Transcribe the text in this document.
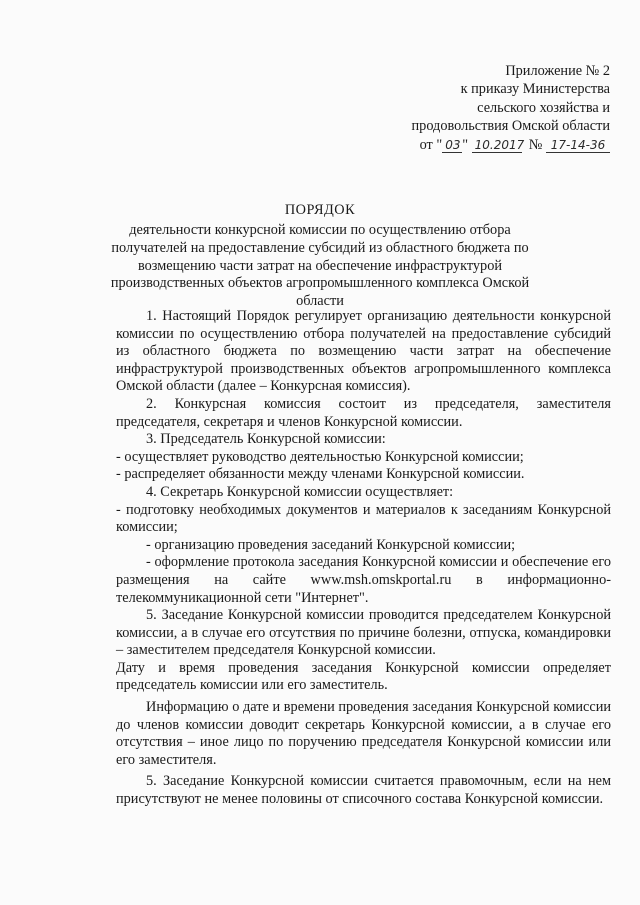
Приложение № 2
к приказу Министерства
сельского хозяйства и
продовольствия Омской области
от " 03 " 10.2017 № 17-14-36
ПОРЯДОК
деятельности конкурсной комиссии по осуществлению отбора получателей на предоставление субсидий из областного бюджета по возмещению части затрат на обеспечение инфраструктурой производственных объектов агропромышленного комплекса Омской области

1. Настоящий Порядок регулирует организацию деятельности конкурсной комиссии по осуществлению отбора получателей на предоставление субсидий из областного бюджета по возмещению части затрат на обеспечение инфраструктурой производственных объектов агропромышленного комплекса Омской области (далее – Конкурсная комиссия).

2. Конкурсная комиссия состоит из председателя, заместителя председателя, секретаря и членов Конкурсной комиссии.

3. Председатель Конкурсной комиссии:

- осуществляет руководство деятельностью Конкурсной комиссии;

- распределяет обязанности между членами Конкурсной комиссии.

4. Секретарь Конкурсной комиссии осуществляет:

- подготовку необходимых документов и материалов к заседаниям Конкурсной комиссии;

- организацию проведения заседаний Конкурсной комиссии;

- оформление протокола заседания Конкурсной комиссии и обеспечение его размещения на сайте www.msh.omskportal.ru в информационно-телекоммуникационной сети "Интернет".

5. Заседание Конкурсной комиссии проводится председателем Конкурсной комиссии, а в случае его отсутствия по причине болезни, отпуска, командировки – заместителем председателя Конкурсной комиссии.

Дату и время проведения заседания Конкурсной комиссии определяет председатель комиссии или его заместитель.

Информацию о дате и времени проведения заседания Конкурсной комиссии до членов комиссии доводит секретарь Конкурсной комиссии, а в случае его отсутствия – иное лицо по поручению председателя Конкурсной комиссии или его заместителя.

5. Заседание Конкурсной комиссии считается правомочным, если на нем присутствуют не менее половины от списочного состава Конкурсной комиссии.
